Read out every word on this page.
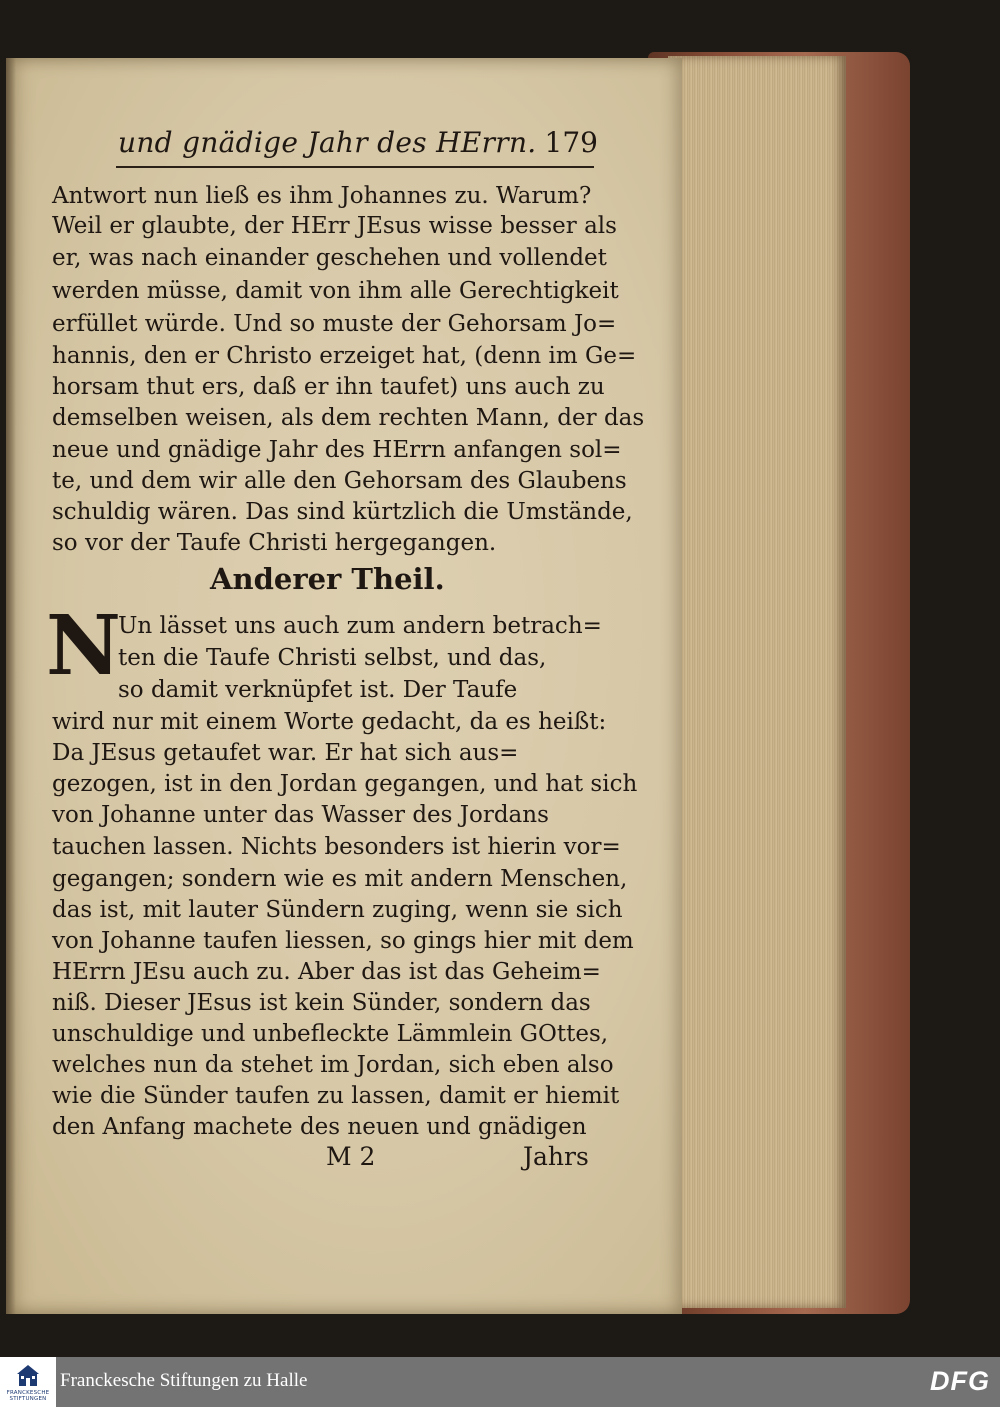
und gnädige Jahr des HErrn. 179
Antwort nun ließ es ihm Johannes zu. Warum?
Weil er glaubte, der HErr JEsus wisse besser als
er, was nach einander geschehen und vollendet
werden müsse, damit von ihm alle Gerechtigkeit
erfüllet würde. Und so muste der Gehorsam Jo=
hannis, den er Christo erzeiget hat, (denn im Ge=
horsam thut ers, daß er ihn taufet) uns auch zu
demselben weisen, als dem rechten Mann, der das
neue und gnädige Jahr des HErrn anfangen sol=
te, und dem wir alle den Gehorsam des Glaubens
schuldig wären. Das sind kürtzlich die Umstände,
so vor der Taufe Christi hergegangen.
Anderer Theil.
N
Un lässet uns auch zum andern betrach=
ten die Taufe Christi selbst, und das,
so damit verknüpfet ist. Der Taufe
wird nur mit einem Worte gedacht, da es heißt:
Da JEsus getaufet war. Er hat sich aus=
gezogen, ist in den Jordan gegangen, und hat sich
von Johanne unter das Wasser des Jordans
tauchen lassen. Nichts besonders ist hierin vor=
gegangen; sondern wie es mit andern Menschen,
das ist, mit lauter Sündern zuging, wenn sie sich
von Johanne taufen liessen, so gings hier mit dem
HErrn JEsu auch zu. Aber das ist das Geheim=
niß. Dieser JEsus ist kein Sünder, sondern das
unschuldige und unbefleckte Lämmlein GOttes,
welches nun da stehet im Jordan, sich eben also
wie die Sünder taufen zu lassen, damit er hiemit
den Anfang machete des neuen und gnädigen
M 2	Jahrs
FRANCKESCHE STIFTUNGEN
Franckesche Stiftungen zu Halle	DFG
